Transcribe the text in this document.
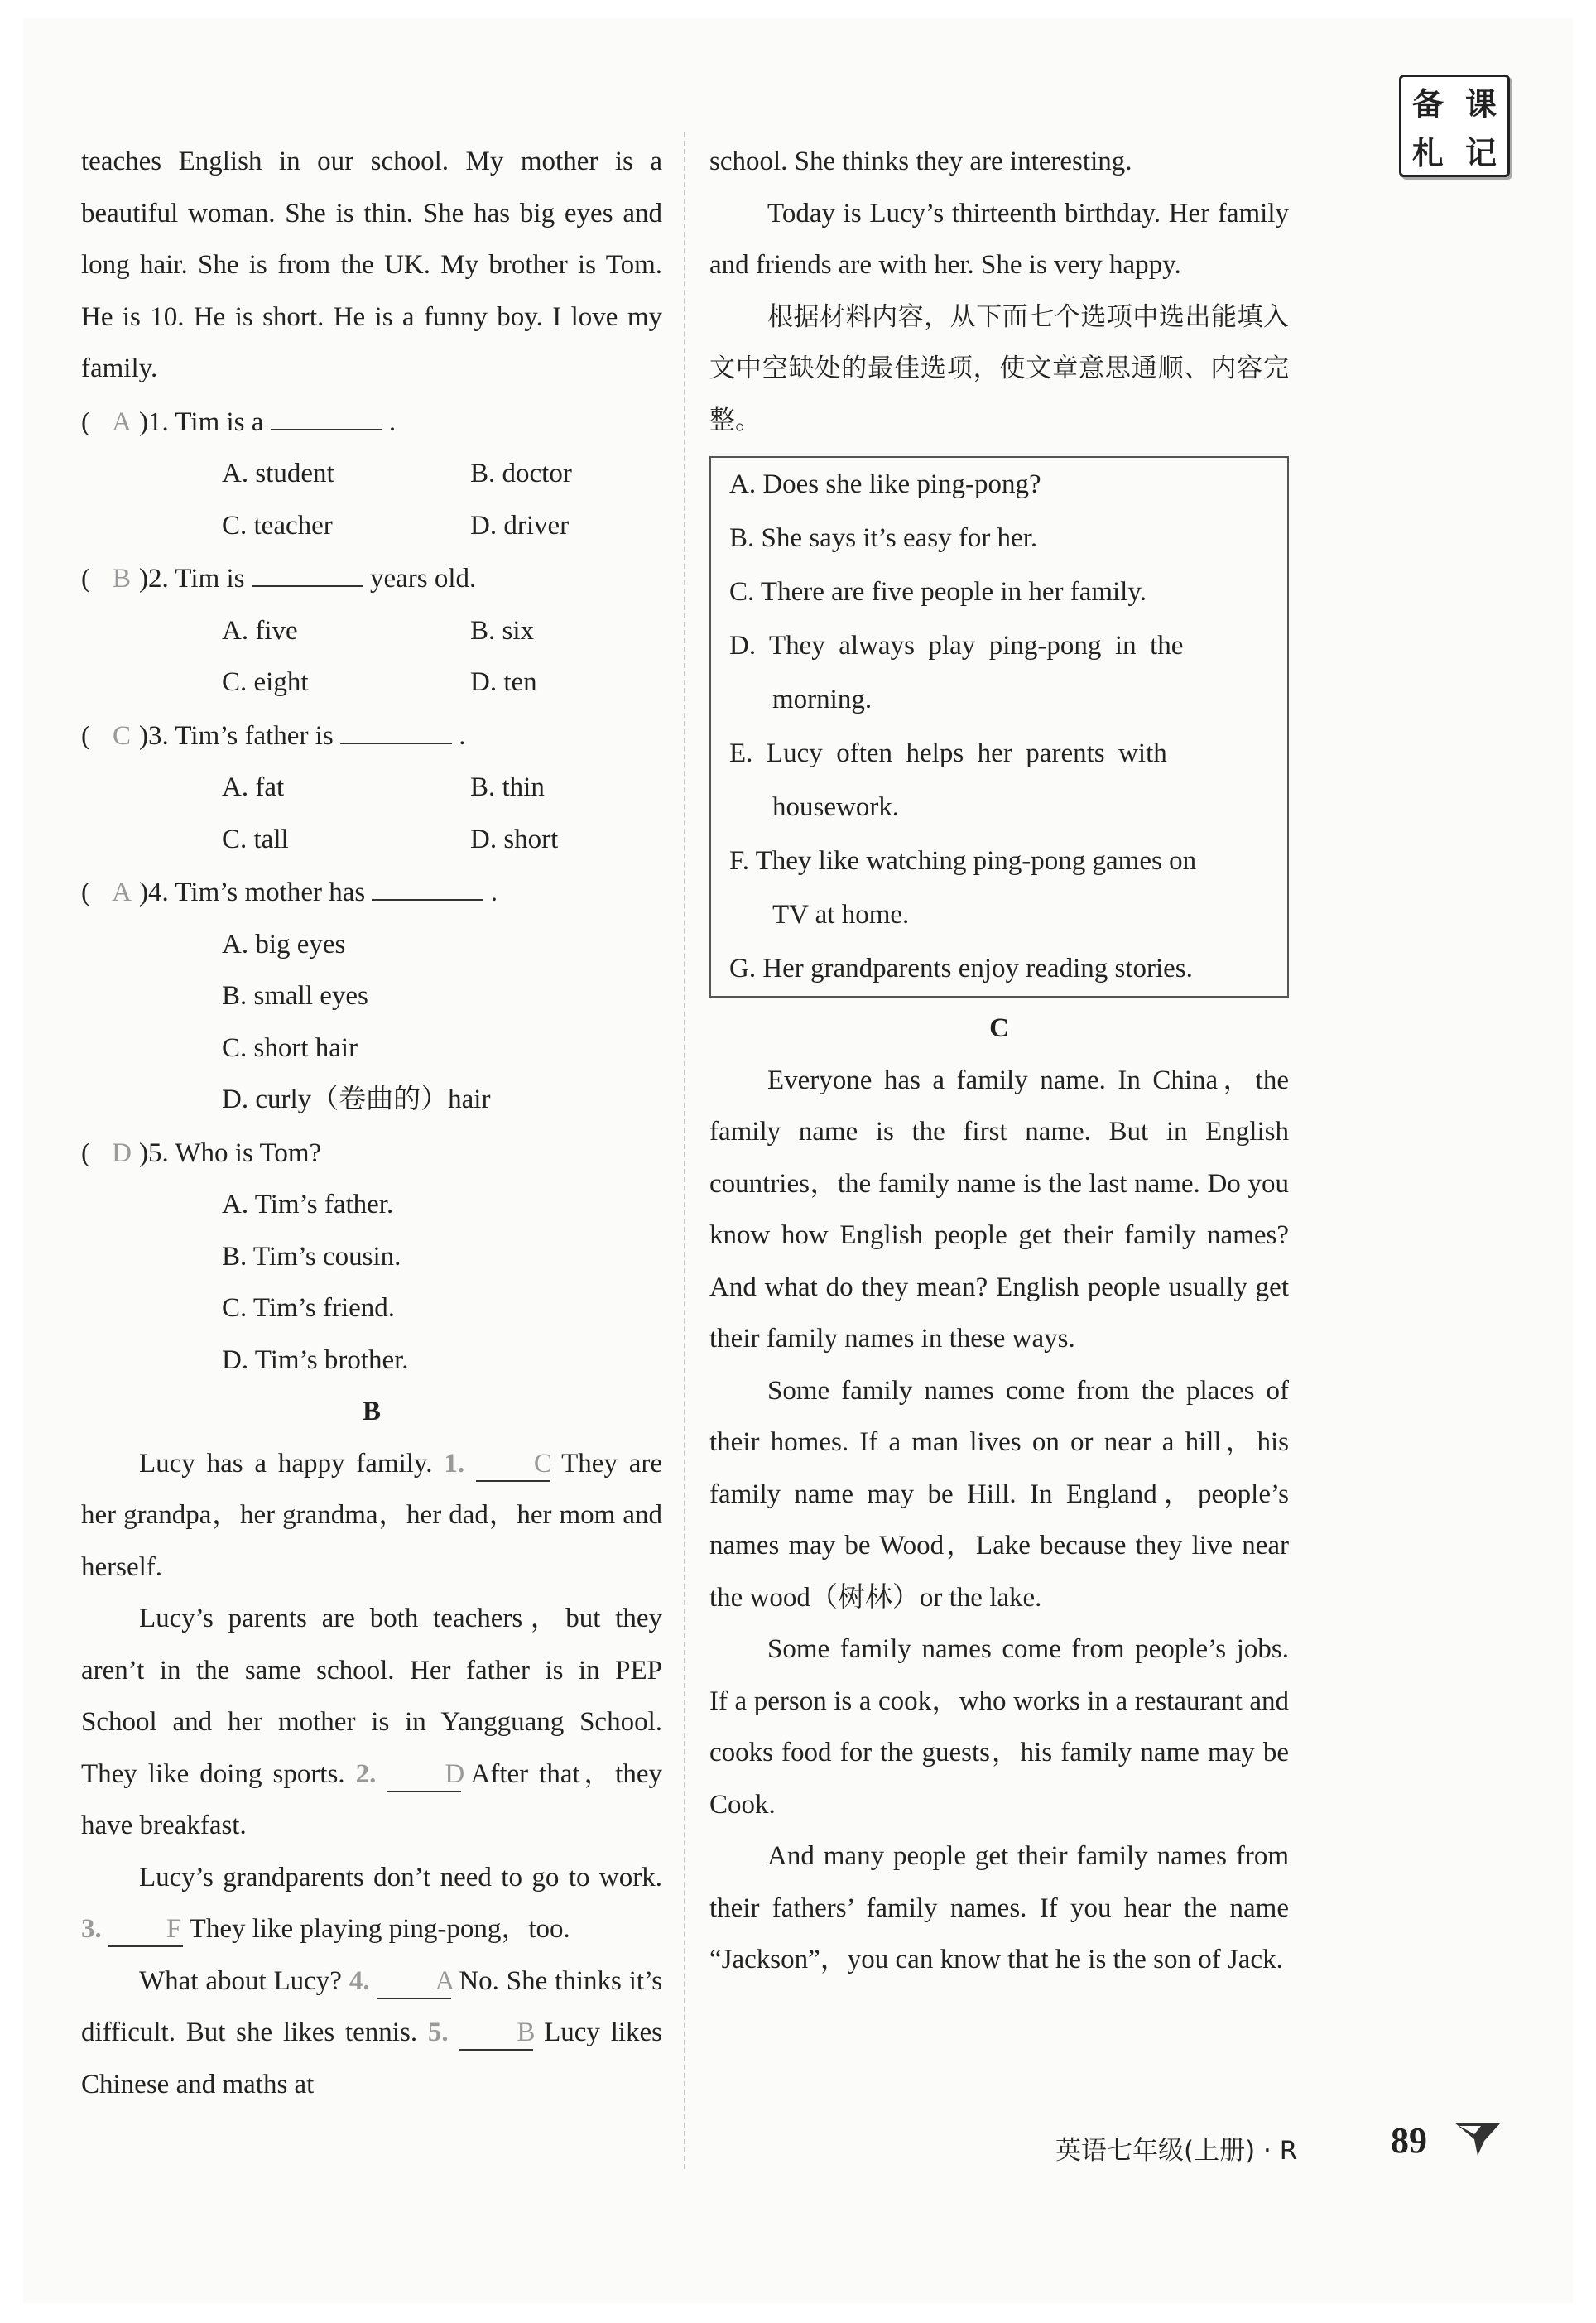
备 课
札 记

teaches English in our school. My mother is a beautiful woman. She is thin. She has big eyes and long hair. She is from the UK. My brother is Tom. He is 10. He is short. He is a funny boy. I love my family.

( A )1. Tim is a	.
A. student	B. doctor
C. teacher	D. driver
( B )2. Tim is	years old.
A. five	B. six
C. eight	D. ten
( C )3. Tim’s father is	.
A. fat	B. thin
C. tall	D. short
( A )4. Tim’s mother has	.
A. big eyes
B. small eyes
C. short hair
D. curly（卷曲的）hair
( D )5. Who is Tom?
A. Tim’s father.
B. Tim’s cousin.
C. Tim’s friend.
D. Tim’s brother.

B

Lucy has a happy family. 1.	C They are her grandpa，her grandma，her dad，her mom and herself.

Lucy’s parents are both teachers，but they aren’t in the same school. Her father is in PEP School and her mother is in Yangguang School. They like doing sports. 2.	D After that，they have breakfast.

Lucy’s grandparents don’t need to go to work. 3. F They like playing ping-pong，too.

What about Lucy? 4. A No. She thinks it’s difficult. But she likes tennis. 5.	B Lucy likes Chinese and maths at

school. She thinks they are interesting.

Today is Lucy’s thirteenth birthday. Her family and friends are with her. She is very happy.

根据材料内容，从下面七个选项中选出能填入文中空缺处的最佳选项，使文章意思通顺、内容完整。

A. Does she like ping-pong?
B. She says it’s easy for her.
C. There are five people in her family.
D.  They  always  play  ping-pong  in  the
morning.
E.  Lucy  often  helps  her  parents  with
housework.
F. They like watching ping-pong games on
TV at home.
G. Her grandparents enjoy reading stories.

C

Everyone has a family name. In China，the family name is the first name. But in English countries，the family name is the last name. Do you know how English people get their family names? And what do they mean? English people usually get their family names in these ways.

Some family names come from the places of their homes. If a man lives on or near a hill，his family name may be Hill. In England，people’s names may be Wood，Lake because they live near the wood（树林）or the lake.

Some family names come from people’s jobs. If a person is a cook，who works in a restaurant and cooks food for the guests，his family name may be Cook.

And many people get their family names from their fathers’ family names. If you hear the name “Jackson”，you can know that he is the son of Jack.

英语七年级(上册) · R	89
